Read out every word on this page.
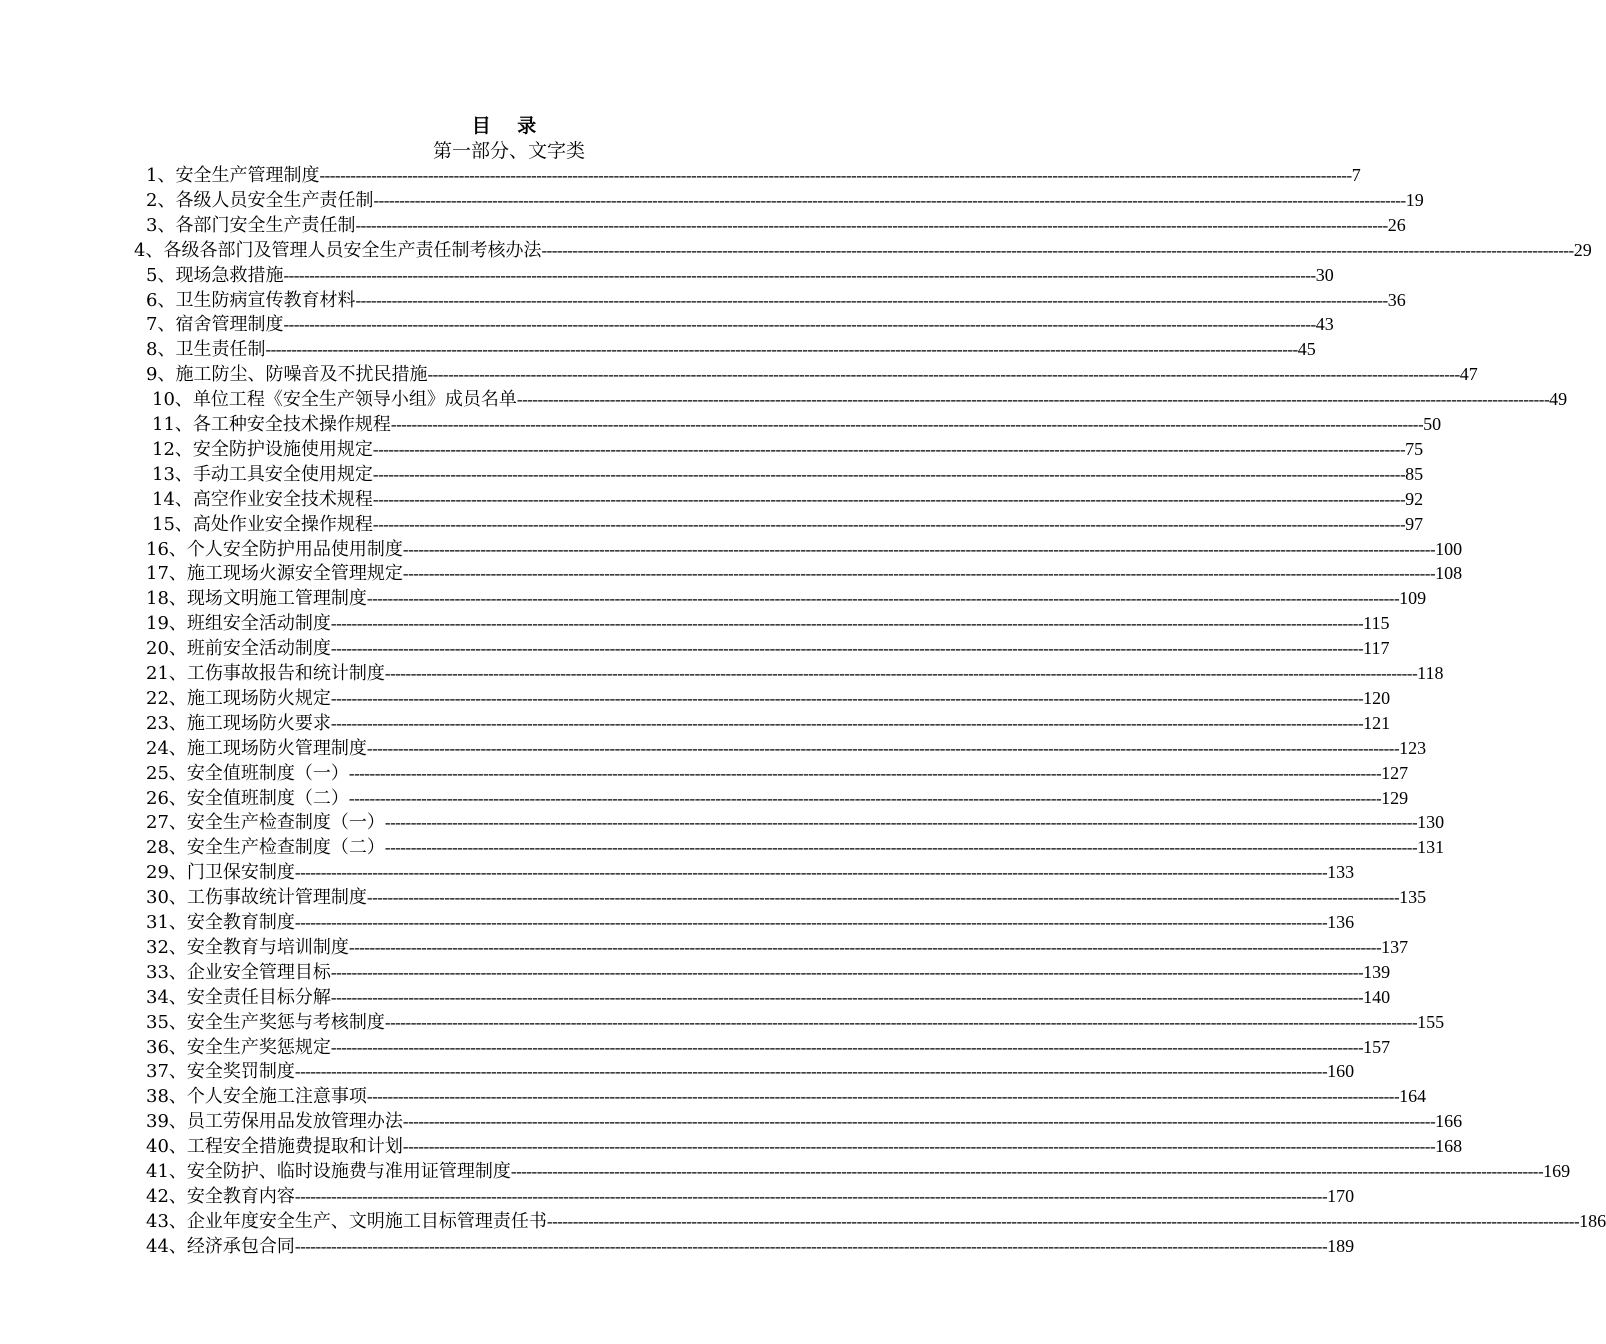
目 录
第一部分、文字类
1、安全生产管理制度 -------------------------------------------------------------------------------------------------------------------------------------------------------------------------------------------------------- 7
2、各级人员安全生产责任制 -------------------------------------------------------------------------------------------------------------------------------------------------------------------------------------------------------- 19
3、各部门安全生产责任制 -------------------------------------------------------------------------------------------------------------------------------------------------------------------------------------------------------- 26
4、各级各部门及管理人员安全生产责任制考核办法 -------------------------------------------------------------------------------------------------------------------------------------------------------------------------------------------------------- 29
5、现场急救措施 -------------------------------------------------------------------------------------------------------------------------------------------------------------------------------------------------------- 30
6、卫生防病宣传教育材料 -------------------------------------------------------------------------------------------------------------------------------------------------------------------------------------------------------- 36
7、宿舍管理制度 -------------------------------------------------------------------------------------------------------------------------------------------------------------------------------------------------------- 43
8、卫生责任制 -------------------------------------------------------------------------------------------------------------------------------------------------------------------------------------------------------- 45
9、施工防尘、防噪音及不扰民措施 -------------------------------------------------------------------------------------------------------------------------------------------------------------------------------------------------------- 47
10、单位工程《安全生产领导小组》成员名单 -------------------------------------------------------------------------------------------------------------------------------------------------------------------------------------------------------- 49
11、各工种安全技术操作规程 -------------------------------------------------------------------------------------------------------------------------------------------------------------------------------------------------------- 50
12、安全防护设施使用规定 -------------------------------------------------------------------------------------------------------------------------------------------------------------------------------------------------------- 75
13、手动工具安全使用规定 -------------------------------------------------------------------------------------------------------------------------------------------------------------------------------------------------------- 85
14、高空作业安全技术规程 -------------------------------------------------------------------------------------------------------------------------------------------------------------------------------------------------------- 92
15、高处作业安全操作规程 -------------------------------------------------------------------------------------------------------------------------------------------------------------------------------------------------------- 97
16、个人安全防护用品使用制度 -------------------------------------------------------------------------------------------------------------------------------------------------------------------------------------------------------- 100
17、施工现场火源安全管理规定 -------------------------------------------------------------------------------------------------------------------------------------------------------------------------------------------------------- 108
18、现场文明施工管理制度 -------------------------------------------------------------------------------------------------------------------------------------------------------------------------------------------------------- 109
19、班组安全活动制度 -------------------------------------------------------------------------------------------------------------------------------------------------------------------------------------------------------- 115
20、班前安全活动制度 -------------------------------------------------------------------------------------------------------------------------------------------------------------------------------------------------------- 117
21、工伤事故报告和统计制度 -------------------------------------------------------------------------------------------------------------------------------------------------------------------------------------------------------- 118
22、施工现场防火规定 -------------------------------------------------------------------------------------------------------------------------------------------------------------------------------------------------------- 120
23、施工现场防火要求 -------------------------------------------------------------------------------------------------------------------------------------------------------------------------------------------------------- 121
24、施工现场防火管理制度 -------------------------------------------------------------------------------------------------------------------------------------------------------------------------------------------------------- 123
25、安全值班制度（一） -------------------------------------------------------------------------------------------------------------------------------------------------------------------------------------------------------- 127
26、安全值班制度（二） -------------------------------------------------------------------------------------------------------------------------------------------------------------------------------------------------------- 129
27、安全生产检查制度（一） -------------------------------------------------------------------------------------------------------------------------------------------------------------------------------------------------------- 130
28、安全生产检查制度（二） -------------------------------------------------------------------------------------------------------------------------------------------------------------------------------------------------------- 131
29、门卫保安制度 -------------------------------------------------------------------------------------------------------------------------------------------------------------------------------------------------------- 133
30、工伤事故统计管理制度 -------------------------------------------------------------------------------------------------------------------------------------------------------------------------------------------------------- 135
31、安全教育制度 -------------------------------------------------------------------------------------------------------------------------------------------------------------------------------------------------------- 136
32、安全教育与培训制度 -------------------------------------------------------------------------------------------------------------------------------------------------------------------------------------------------------- 137
33、企业安全管理目标 -------------------------------------------------------------------------------------------------------------------------------------------------------------------------------------------------------- 139
34、安全责任目标分解 -------------------------------------------------------------------------------------------------------------------------------------------------------------------------------------------------------- 140
35、安全生产奖惩与考核制度 -------------------------------------------------------------------------------------------------------------------------------------------------------------------------------------------------------- 155
36、安全生产奖惩规定 -------------------------------------------------------------------------------------------------------------------------------------------------------------------------------------------------------- 157
37、安全奖罚制度 -------------------------------------------------------------------------------------------------------------------------------------------------------------------------------------------------------- 160
38、个人安全施工注意事项 -------------------------------------------------------------------------------------------------------------------------------------------------------------------------------------------------------- 164
39、员工劳保用品发放管理办法 -------------------------------------------------------------------------------------------------------------------------------------------------------------------------------------------------------- 166
40、工程安全措施费提取和计划 -------------------------------------------------------------------------------------------------------------------------------------------------------------------------------------------------------- 168
41、安全防护、临时设施费与准用证管理制度 -------------------------------------------------------------------------------------------------------------------------------------------------------------------------------------------------------- 169
42、安全教育内容 -------------------------------------------------------------------------------------------------------------------------------------------------------------------------------------------------------- 170
43、企业年度安全生产、文明施工目标管理责任书 -------------------------------------------------------------------------------------------------------------------------------------------------------------------------------------------------------- 186
44、经济承包合同 -------------------------------------------------------------------------------------------------------------------------------------------------------------------------------------------------------- 189
